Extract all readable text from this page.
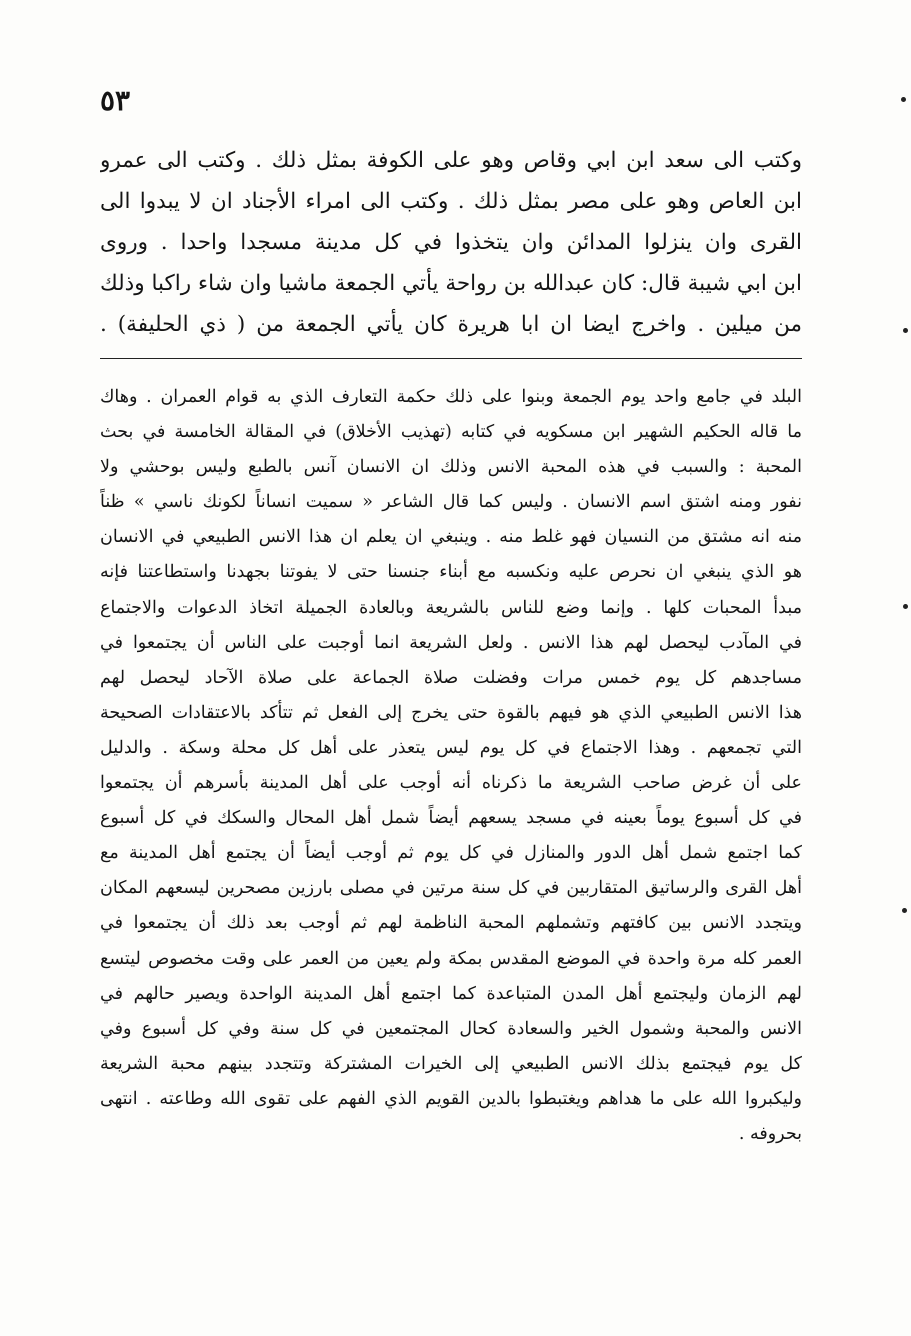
٥٣
وكتب الى سعد ابن ابي وقاص وهو على الكوفة بمثل ذلك . وكتب الى عمرو
ابن العاص وهو على مصر بمثل ذلك . وكتب الى امراء الأجناد ان لا يبدوا الى
القرى وان ينزلوا المدائن وان يتخذوا في كل مدينة مسجدا واحدا . وروى
ابن ابي شيبة قال: كان عبدالله بن رواحة يأتي الجمعة ماشيا وان شاء راكبا وذلك
من ميلين . واخرج ايضا ان ابا هريرة كان يأتي الجمعة من ( ذي الحليفة) .
البلد في جامع واحد يوم الجمعة وبنوا على ذلك حكمة التعارف الذي به قوام العمران . وهاك
ما قاله الحكيم الشهير ابن مسكويه في كتابه (تهذيب الأخلاق) في المقالة الخامسة في بحث
المحبة : والسبب في هذه المحبة الانس وذلك ان الانسان آنس بالطبع وليس بوحشي ولا
نفور ومنه اشتق اسم الانسان . وليس كما قال الشاعر « سميت انساناً لكونك ناسي » ظناً
منه انه مشتق من النسيان فهو غلط منه . وينبغي ان يعلم ان هذا الانس الطبيعي في الانسان
هو الذي ينبغي ان نحرص عليه ونكسبه مع أبناء جنسنا حتى لا يفوتنا بجهدنا واستطاعتنا فإنه
مبدأ المحبات كلها . وإنما وضع للناس بالشريعة وبالعادة الجميلة اتخاذ الدعوات والاجتماع
في المآدب ليحصل لهم هذا الانس . ولعل الشريعة انما أوجبت على الناس أن يجتمعوا في
مساجدهم كل يوم خمس مرات وفضلت صلاة الجماعة على صلاة الآحاد ليحصل لهم
هذا الانس الطبيعي الذي هو فيهم بالقوة حتى يخرج إلى الفعل ثم تتأكد بالاعتقادات الصحيحة
التي تجمعهم . وهذا الاجتماع في كل يوم ليس يتعذر على أهل كل محلة وسكة . والدليل
على أن غرض صاحب الشريعة ما ذكرناه أنه أوجب على أهل المدينة بأسرهم أن يجتمعوا
في كل أسبوع يوماً بعينه في مسجد يسعهم أيضاً شمل أهل المحال والسكك في كل أسبوع
كما اجتمع شمل أهل الدور والمنازل في كل يوم ثم أوجب أيضاً أن يجتمع أهل المدينة مع
أهل القرى والرساتيق المتقاربين في كل سنة مرتين في مصلى بارزين مصحرين ليسعهم المكان
ويتجدد الانس بين كافتهم وتشملهم المحبة الناظمة لهم ثم أوجب بعد ذلك أن يجتمعوا في
العمر كله مرة واحدة في الموضع المقدس بمكة ولم يعين من العمر على وقت مخصوص ليتسع
لهم الزمان وليجتمع أهل المدن المتباعدة كما اجتمع أهل المدينة الواحدة ويصير حالهم في
الانس والمحبة وشمول الخير والسعادة كحال المجتمعين في كل سنة وفي كل أسبوع وفي
كل يوم فيجتمع بذلك الانس الطبيعي إلى الخيرات المشتركة وتتجدد بينهم محبة الشريعة
وليكبروا الله على ما هداهم ويغتبطوا بالدين القويم الذي الفهم على تقوى الله وطاعته . انتهى
بحروفه .
